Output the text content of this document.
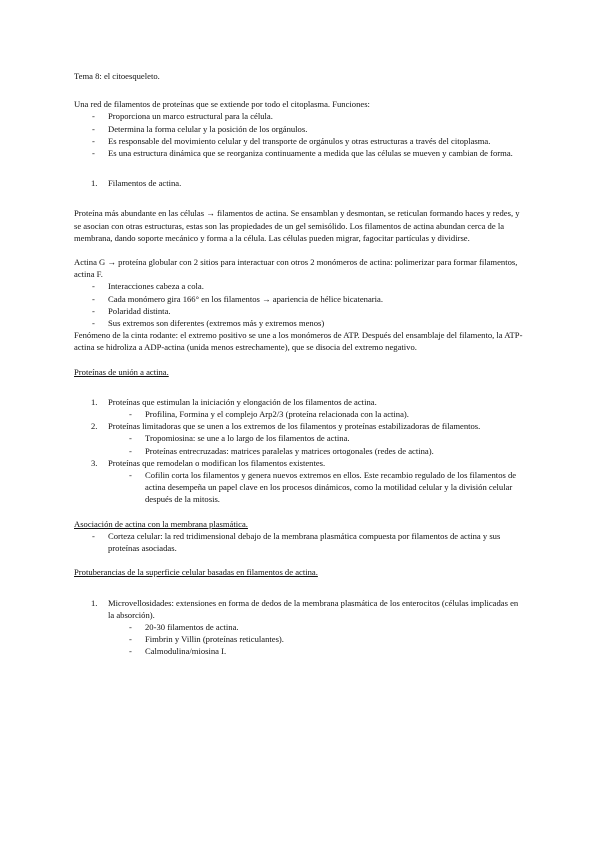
Tema 8: el citoesqueleto.

Una red de filamentos de proteínas que se extiende por todo el citoplasma. Funciones:

- Proporciona un marco estructural para la célula.
- Determina la forma celular y la posición de los orgánulos.
- Es responsable del movimiento celular y del transporte de orgánulos y otras estructuras a través del citoplasma.
- Es una estructura dinámica que se reorganiza continuamente a medida que las células se mueven y cambian de forma.

1. Filamentos de actina.

Proteína más abundante en las células → filamentos de actina. Se ensamblan y desmontan, se reticulan formando haces y redes, y se asocian con otras estructuras, estas son las propiedades de un gel semisólido. Los filamentos de actina abundan cerca de la membrana, dando soporte mecánico y forma a la célula. Las células pueden migrar, fagocitar partículas y dividirse.

Actina G → proteína globular con 2 sitios para interactuar con otros 2 monómeros de actina: polimerizar para formar filamentos, actina F.

- Interacciones cabeza a cola.
- Cada monómero gira 166° en los filamentos → apariencia de hélice bicatenaria.
- Polaridad distinta.
- Sus extremos son diferentes (extremos más y extremos menos)

Fenómeno de la cinta rodante: el extremo positivo se une a los monómeros de ATP. Después del ensamblaje del filamento, la ATP-actina se hidroliza a ADP-actina (unida menos estrechamente), que se disocia del extremo negativo.

Proteínas de unión a actina.

1. Proteínas que estimulan la iniciación y elongación de los filamentos de actina.

- Profilina, Formina y el complejo Arp2/3 (proteína relacionada con la actina).

2. Proteínas limitadoras que se unen a los extremos de los filamentos y proteínas estabilizadoras de filamentos.

- Tropomiosina: se une a lo largo de los filamentos de actina.

- Proteínas entrecruzadas: matrices paralelas y matrices ortogonales (redes de actina).

3. Proteínas que remodelan o modifican los filamentos existentes.

- Cofilin corta los filamentos y genera nuevos extremos en ellos. Este recambio regulado de los filamentos de actina desempeña un papel clave en los procesos dinámicos, como la motilidad celular y la división celular después de la mitosis.

Asociación de actina con la membrana plasmática.

- Corteza celular: la red tridimensional debajo de la membrana plasmática compuesta por filamentos de actina y sus proteínas asociadas.

Protuberancias de la superficie celular basadas en filamentos de actina.

1. Microvellosidades: extensiones en forma de dedos de la membrana plasmática de los enterocitos (células implicadas en la absorción).

- 20-30 filamentos de actina.

- Fimbrin y Villin (proteínas reticulantes).

- Calmodulina/miosina I.
